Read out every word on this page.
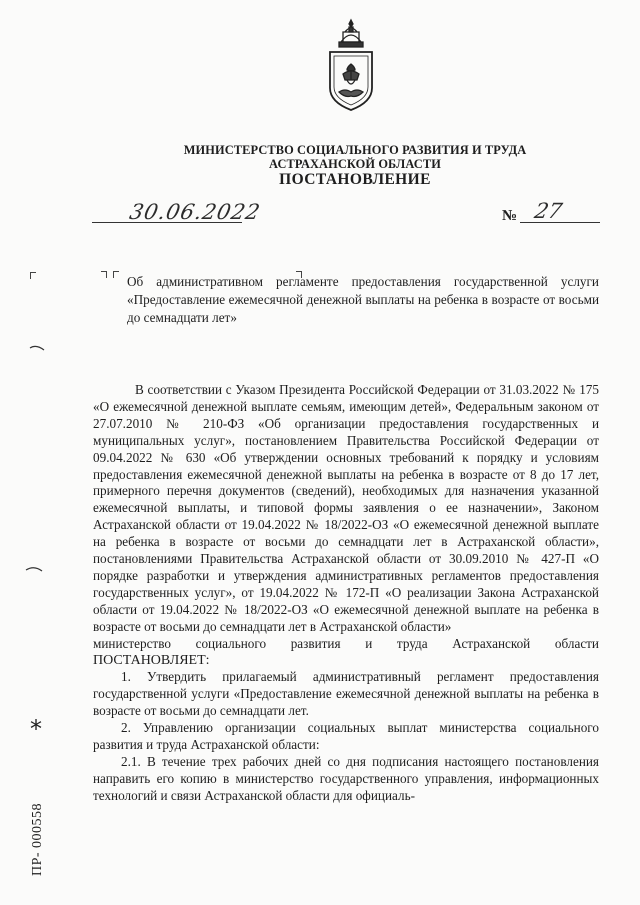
МИНИСТЕРСТВО СОЦИАЛЬНОГО РАЗВИТИЯ И ТРУДА
АСТРАХАНСКОЙ ОБЛАСТИ
ПОСТАНОВЛЕНИЕ
30.06.2022	№ 27
Об административном регламенте предоставления государственной услуги «Предоставление ежемесячной денежной выплаты на ребенка в возрасте от восьми до семнадцати лет»

В соответствии с Указом Президента Российской Федерации от 31.03.2022 № 175 «О ежемесячной денежной выплате семьям, имеющим детей», Федеральным законом от 27.07.2010 № 210-ФЗ «Об организации предоставления государственных и муниципальных услуг», постановлением Правительства Российской Федерации от 09.04.2022 № 630 «Об утверждении основных требований к порядку и условиям предоставления ежемесячной денежной выплаты на ребенка в возрасте от 8 до 17 лет, примерного перечня документов (сведений), необходимых для назначения указанной ежемесячной выплаты, и типовой формы заявления о ее назначении», Законом Астраханской области от 19.04.2022 № 18/2022-ОЗ «О ежемесячной денежной выплате на ребенка в возрасте от восьми до семнадцати лет в Астраханской области», постановлениями Правительства Астраханской области от 30.09.2010 № 427-П «О порядке разработки и утверждения административных регламентов предоставления государственных услуг», от 19.04.2022 № 172-П «О реализации Закона Астраханской области от 19.04.2022 № 18/2022-ОЗ «О ежемесячной денежной выплате на ребенка в возрасте от восьми до семнадцати лет в Астраханской области»

министерство социального развития и труда Астраханской области

ПОСТАНОВЛЯЕТ:

1. Утвердить прилагаемый административный регламент предоставления государственной услуги «Предоставление ежемесячной денежной выплаты на ребенка в возрасте от восьми до семнадцати лет.

2. Управлению организации социальных выплат министерства социального развития и труда Астраханской области:

2.1. В течение трех рабочих дней со дня подписания настоящего постановления направить его копию в министерство государственного управления, информационных технологий и связи Астраханской области для официаль-

*
ПР- 000558
